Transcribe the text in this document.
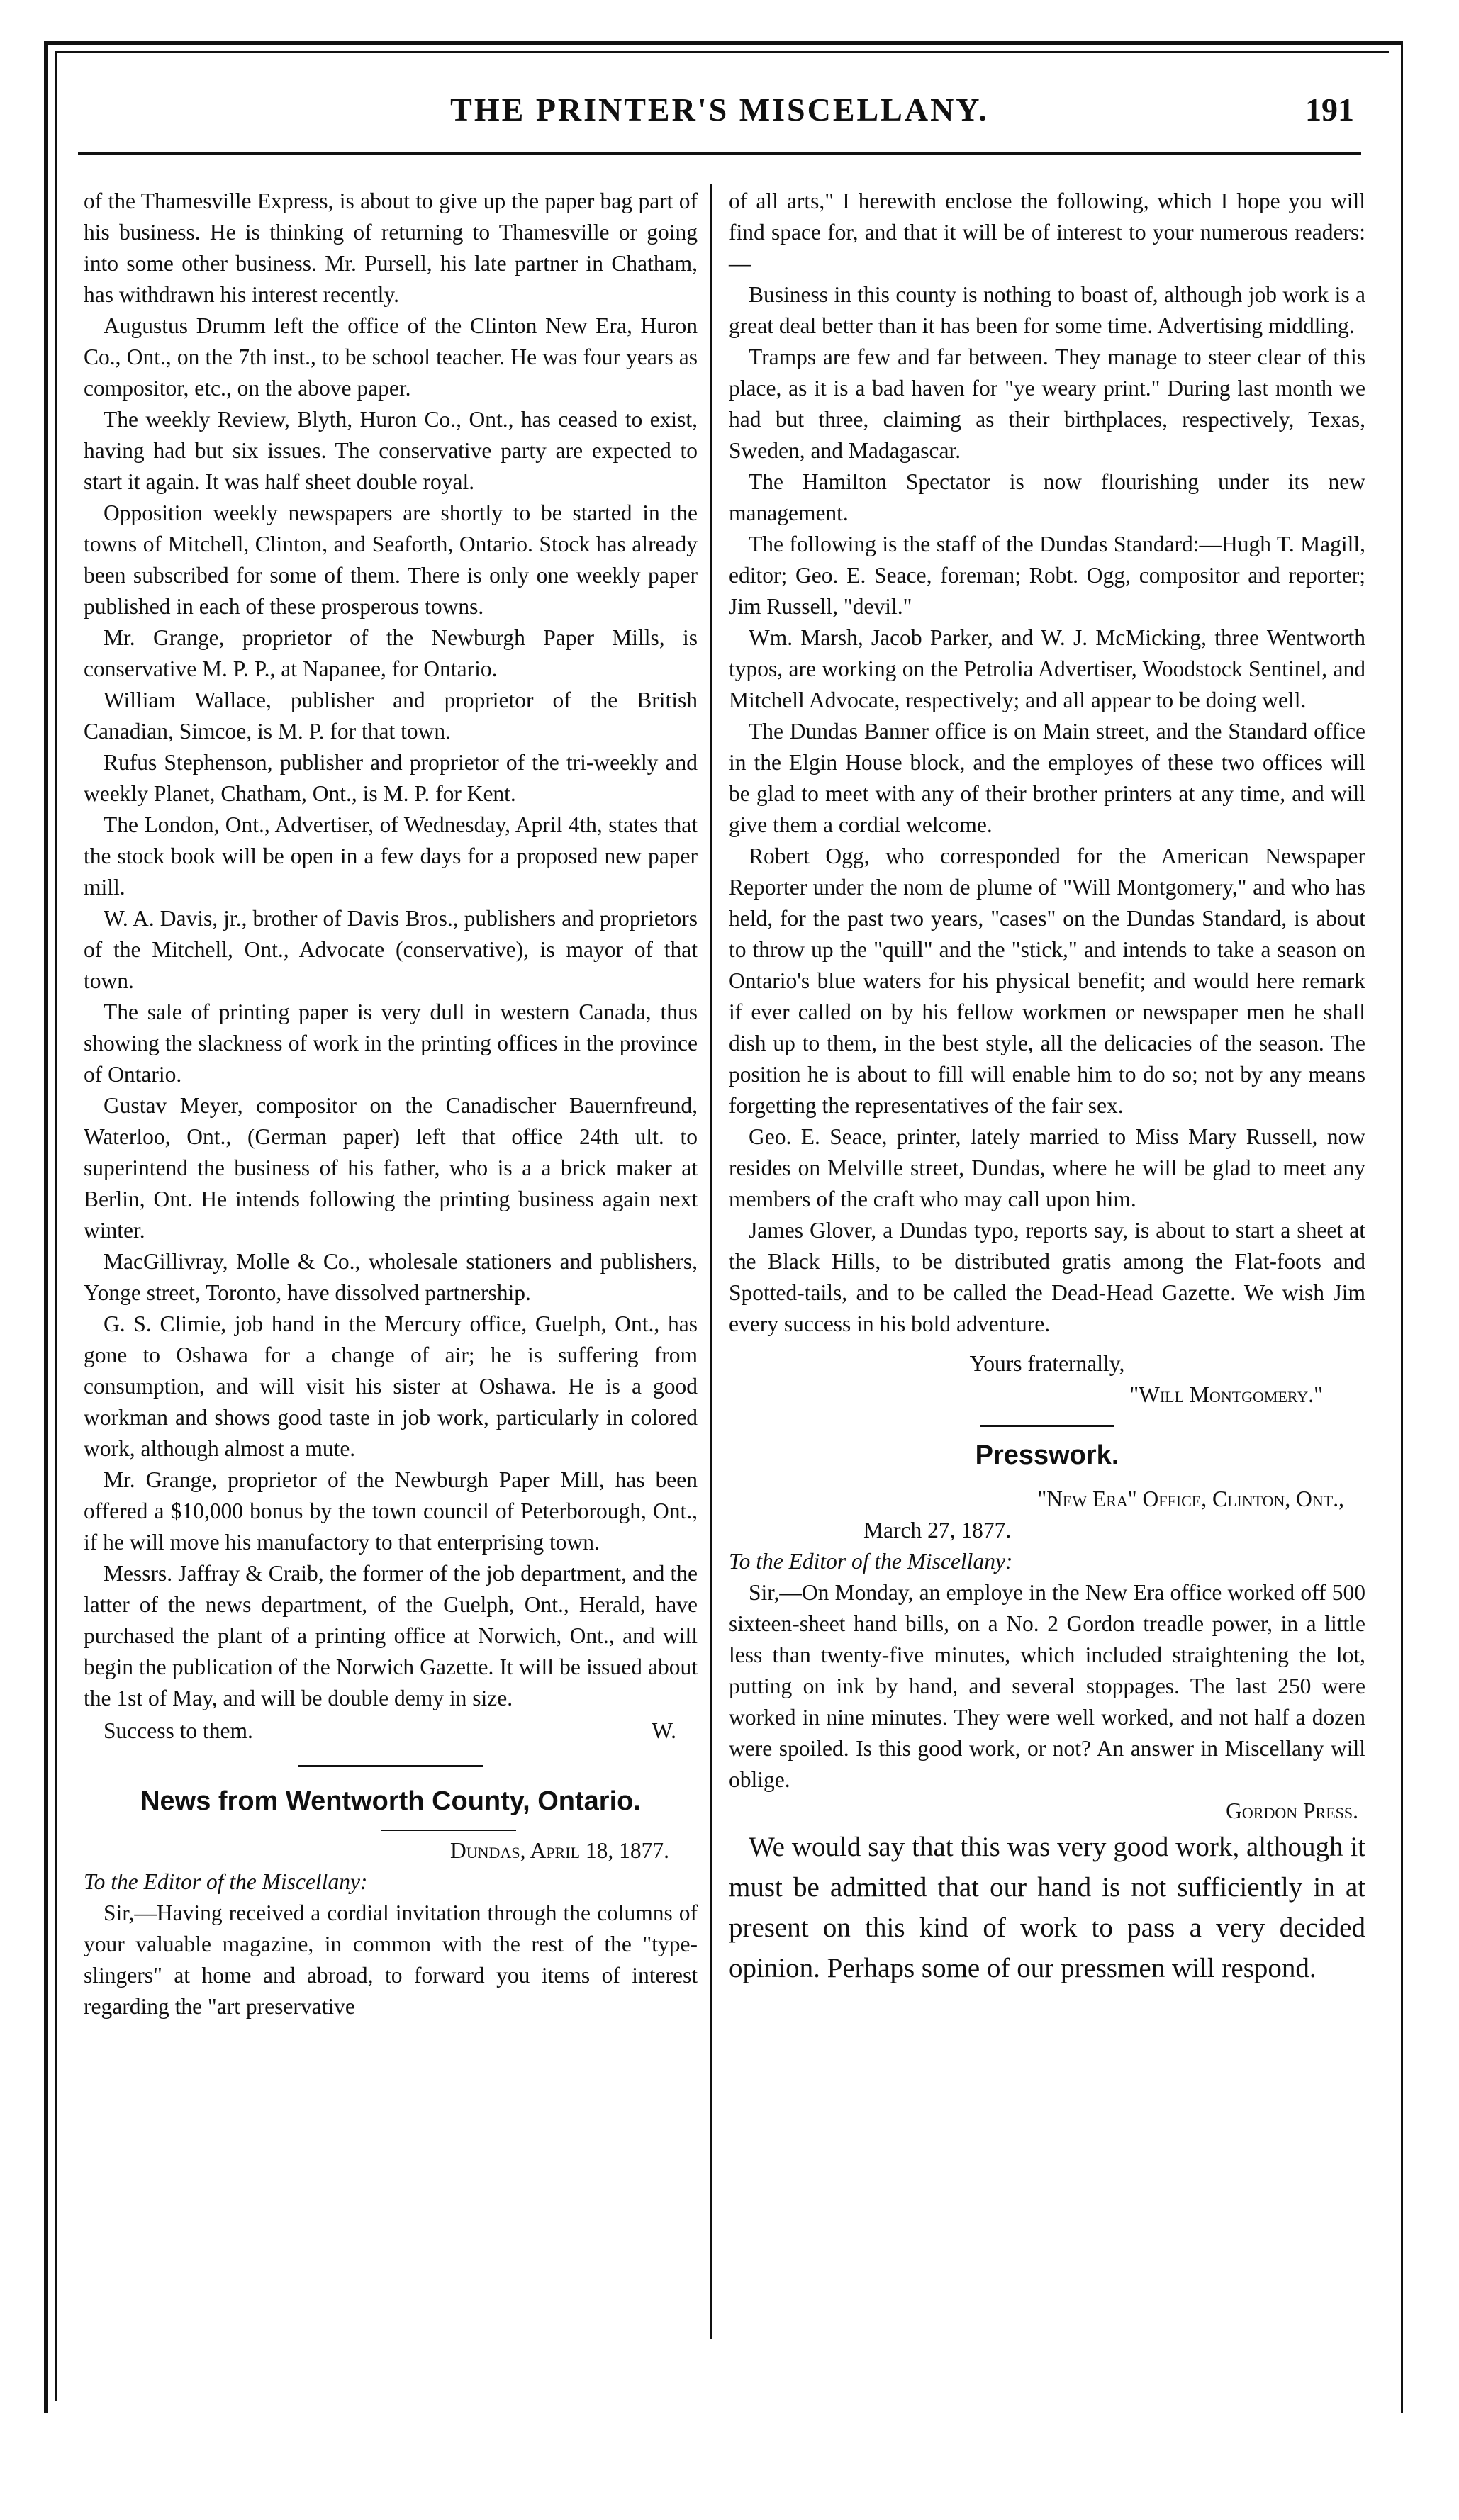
THE PRINTER'S MISCELLANY.	191

of the Thamesville Express, is about to give up the paper bag part of his business. He is thinking of returning to Thamesville or going into some other business. Mr. Pursell, his late partner in Chatham, has withdrawn his interest recently.

Augustus Drumm left the office of the Clinton New Era, Huron Co., Ont., on the 7th inst., to be school teacher. He was four years as compositor, etc., on the above paper.

The weekly Review, Blyth, Huron Co., Ont., has ceased to exist, having had but six issues. The conservative party are expected to start it again. It was half sheet double royal.

Opposition weekly newspapers are shortly to be started in the towns of Mitchell, Clinton, and Seaforth, Ontario. Stock has already been subscribed for some of them. There is only one weekly paper published in each of these prosperous towns.

Mr. Grange, proprietor of the Newburgh Paper Mills, is conservative M. P. P., at Napanee, for Ontario.

William Wallace, publisher and proprietor of the British Canadian, Simcoe, is M. P. for that town.

Rufus Stephenson, publisher and proprietor of the tri-weekly and weekly Planet, Chatham, Ont., is M. P. for Kent.

The London, Ont., Advertiser, of Wednesday, April 4th, states that the stock book will be open in a few days for a proposed new paper mill.

W. A. Davis, jr., brother of Davis Bros., publishers and proprietors of the Mitchell, Ont., Advocate (conservative), is mayor of that town.

The sale of printing paper is very dull in western Canada, thus showing the slackness of work in the printing offices in the province of Ontario.

Gustav Meyer, compositor on the Canadischer Bauernfreund, Waterloo, Ont., (German paper) left that office 24th ult. to superintend the business of his father, who is a a brick maker at Berlin, Ont. He intends following the printing business again next winter.

MacGillivray, Molle & Co., wholesale stationers and publishers, Yonge street, Toronto, have dissolved partnership.

G. S. Climie, job hand in the Mercury office, Guelph, Ont., has gone to Oshawa for a change of air; he is suffering from consumption, and will visit his sister at Oshawa. He is a good workman and shows good taste in job work, particularly in colored work, although almost a mute.

Mr. Grange, proprietor of the Newburgh Paper Mill, has been offered a $10,000 bonus by the town council of Peterborough, Ont., if he will move his manufactory to that enterprising town.

Messrs. Jaffray & Craib, the former of the job department, and the latter of the news department, of the Guelph, Ont., Herald, have purchased the plant of a printing office at Norwich, Ont., and will begin the publication of the Norwich Gazette. It will be issued about the 1st of May, and will be double demy in size.

Success to them.	W.
News from Wentworth County, Ontario.
Dundas, April 18, 1877.

To the Editor of the Miscellany:

Sir,—Having received a cordial invitation through the columns of your valuable magazine, in common with the rest of the "type-slingers" at home and abroad, to forward you items of interest regarding the "art preservative

of all arts," I herewith enclose the following, which I hope you will find space for, and that it will be of interest to your numerous readers:—

Business in this county is nothing to boast of, although job work is a great deal better than it has been for some time. Advertising middling.

Tramps are few and far between. They manage to steer clear of this place, as it is a bad haven for "ye weary print." During last month we had but three, claiming as their birthplaces, respectively, Texas, Sweden, and Madagascar.

The Hamilton Spectator is now flourishing under its new management.

The following is the staff of the Dundas Standard:—Hugh T. Magill, editor; Geo. E. Seace, foreman; Robt. Ogg, compositor and reporter; Jim Russell, "devil."

Wm. Marsh, Jacob Parker, and W. J. McMicking, three Wentworth typos, are working on the Petrolia Advertiser, Woodstock Sentinel, and Mitchell Advocate, respectively; and all appear to be doing well.

The Dundas Banner office is on Main street, and the Standard office in the Elgin House block, and the employes of these two offices will be glad to meet with any of their brother printers at any time, and will give them a cordial welcome.

Robert Ogg, who corresponded for the American Newspaper Reporter under the nom de plume of "Will Montgomery," and who has held, for the past two years, "cases" on the Dundas Standard, is about to throw up the "quill" and the "stick," and intends to take a season on Ontario's blue waters for his physical benefit; and would here remark if ever called on by his fellow workmen or newspaper men he shall dish up to them, in the best style, all the delicacies of the season. The position he is about to fill will enable him to do so; not by any means forgetting the representatives of the fair sex.

Geo. E. Seace, printer, lately married to Miss Mary Russell, now resides on Melville street, Dundas, where he will be glad to meet any members of the craft who may call upon him.

James Glover, a Dundas typo, reports say, is about to start a sheet at the Black Hills, to be distributed gratis among the Flat-foots and Spotted-tails, and to be called the Dead-Head Gazette. We wish Jim every success in his bold adventure.

Yours fraternally,
"Will Montgomery."
Presswork.
"New Era" Office, Clinton, Ont.,
March 27, 1877.

To the Editor of the Miscellany:

Sir,—On Monday, an employe in the New Era office worked off 500 sixteen-sheet hand bills, on a No. 2 Gordon treadle power, in a little less than twenty-five minutes, which included straightening the lot, putting on ink by hand, and several stoppages. The last 250 were worked in nine minutes. They were well worked, and not half a dozen were spoiled. Is this good work, or not? An answer in Miscellany will oblige.

Gordon Press.

We would say that this was very good work, although it must be admitted that our hand is not sufficiently in at present on this kind of work to pass a very decided opinion. Perhaps some of our pressmen will respond.
